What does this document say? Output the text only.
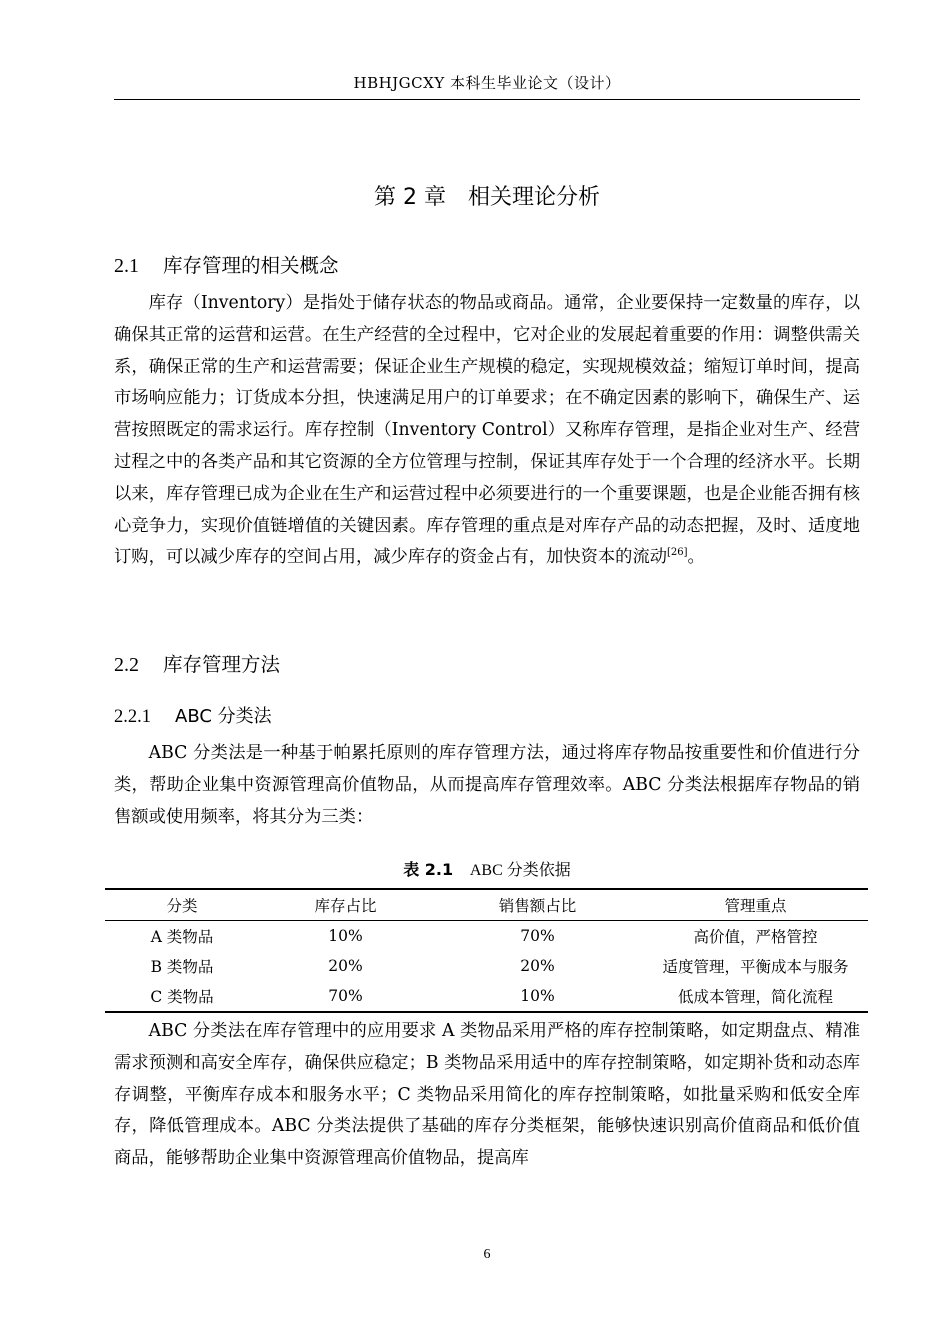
HBHJGCXY 本科生毕业论文（设计）
第 2 章　相关理论分析
2.1 库存管理的相关概念
库存（Inventory）是指处于储存状态的物品或商品。通常，企业要保持一定数量的库存，以确保其正常的运营和运营。在生产经营的全过程中，它对企业的发展起着重要的作用：调整供需关系，确保正常的生产和运营需要；保证企业生产规模的稳定，实现规模效益；缩短订单时间，提高市场响应能力；订货成本分担，快速满足用户的订单要求；在不确定因素的影响下，确保生产、运营按照既定的需求运行。库存控制（Inventory Control）又称库存管理，是指企业对生产、经营过程之中的各类产品和其它资源的全方位管理与控制，保证其库存处于一个合理的经济水平。长期以来，库存管理已成为企业在生产和运营过程中必须要进行的一个重要课题，也是企业能否拥有核心竞争力，实现价值链增值的关键因素。库存管理的重点是对库存产品的动态把握，及时、适度地订购，可以减少库存的空间占用，减少库存的资金占有，加快资本的流动[26]。
2.2 库存管理方法
2.2.1 ABC 分类法
ABC 分类法是一种基于帕累托原则的库存管理方法，通过将库存物品按重要性和价值进行分类，帮助企业集中资源管理高价值物品，从而提高库存管理效率。ABC 分类法根据库存物品的销售额或使用频率，将其分为三类：
表 2.1 ABC 分类依据
分类	库存占比	销售额占比	管理重点
A 类物品	10%	70%	高价值，严格管控
B 类物品	20%	20%	适度管理，平衡成本与服务
C 类物品	70%	10%	低成本管理，简化流程
ABC 分类法在库存管理中的应用要求 A 类物品采用严格的库存控制策略，如定期盘点、精准需求预测和高安全库存，确保供应稳定；B 类物品采用适中的库存控制策略，如定期补货和动态库存调整，平衡库存成本和服务水平；C 类物品采用简化的库存控制策略，如批量采购和低安全库存，降低管理成本。ABC 分类法提供了基础的库存分类框架，能够快速识别高价值商品和低价值商品，能够帮助企业集中资源管理高价值物品，提高库
6
